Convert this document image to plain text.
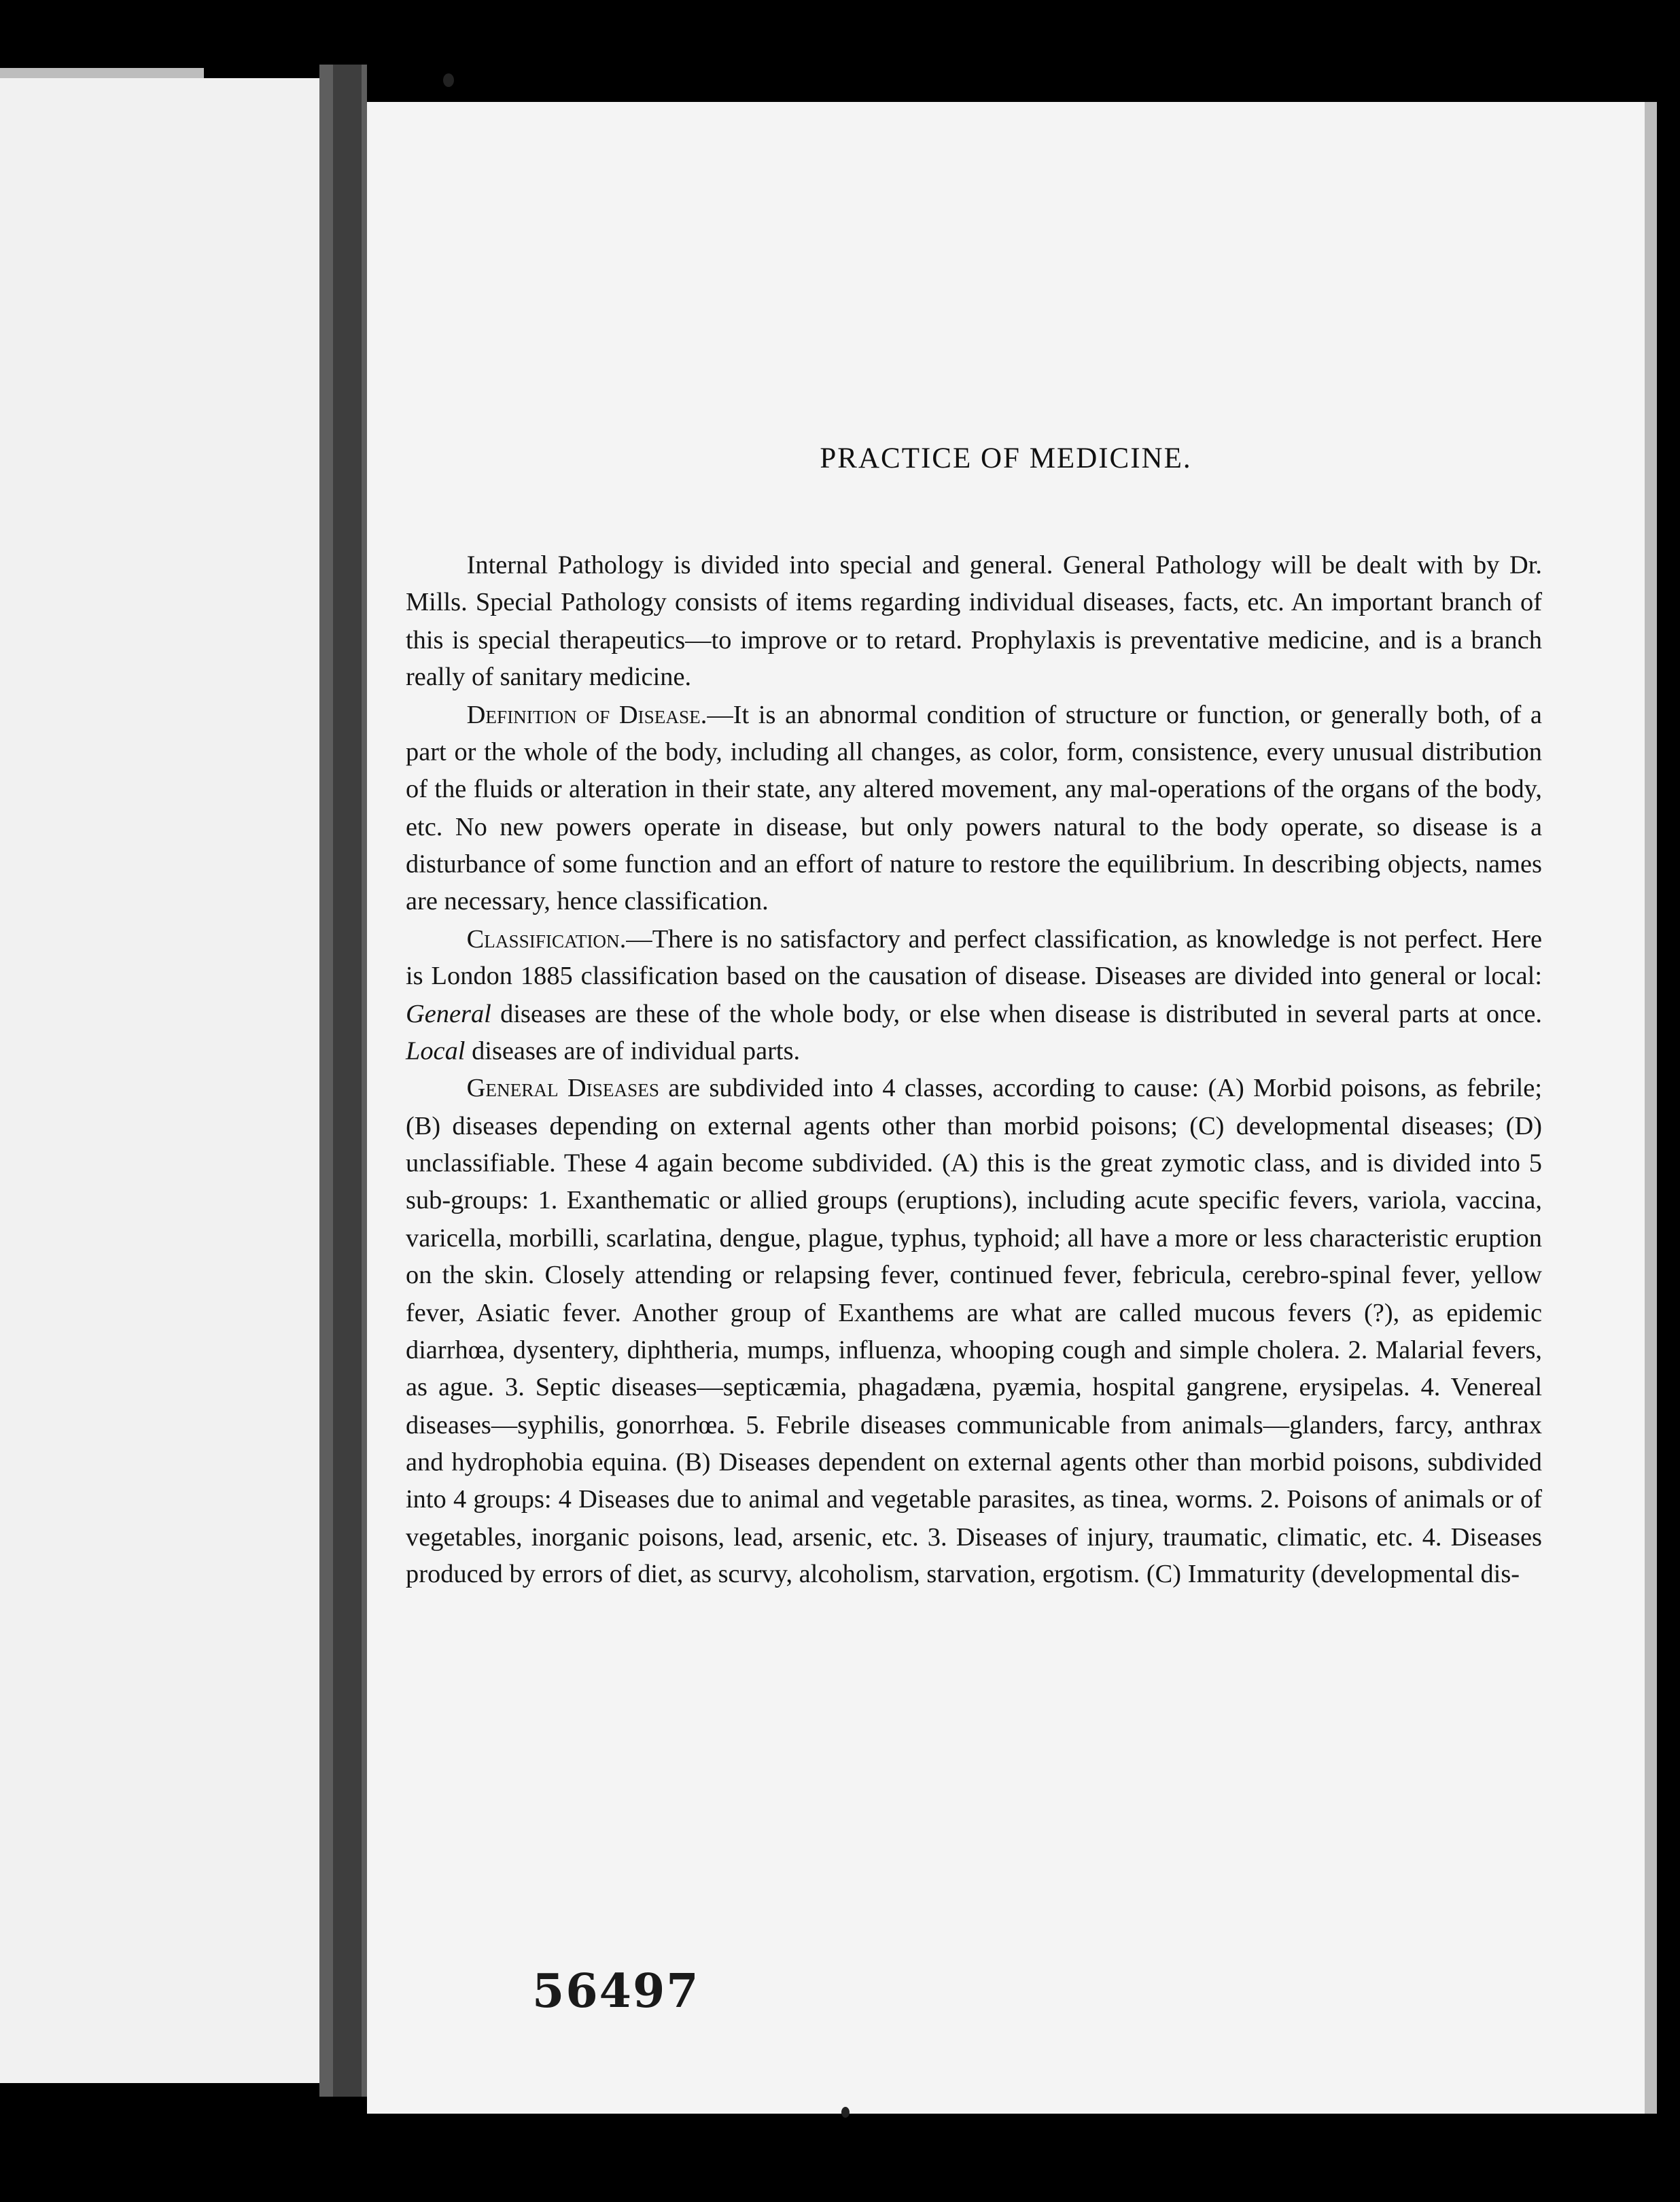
PRACTICE OF MEDICINE.

Internal Pathology is divided into special and general. General Pathology will be dealt with by Dr. Mills. Special Pathology consists of items regarding individual diseases, facts, etc. An important branch of this is special therapeutics—to improve or to retard. Prophylaxis is preventative medicine, and is a branch really of sanitary medicine.

Definition of Disease.—It is an abnormal condition of structure or function, or generally both, of a part or the whole of the body, including all changes, as color, form, consistence, every unusual distribution of the fluids or alteration in their state, any altered movement, any mal-operations of the organs of the body, etc. No new powers operate in disease, but only powers natural to the body operate, so disease is a disturbance of some function and an effort of nature to restore the equilibrium. In describing objects, names are necessary, hence classification.

Classification.—There is no satisfactory and perfect classification, as knowledge is not perfect. Here is London 1885 classification based on the causation of disease. Diseases are divided into general or local: General diseases are these of the whole body, or else when disease is distributed in several parts at once. Local diseases are of individual parts.

General Diseases are subdivided into 4 classes, according to cause: (A) Morbid poisons, as febrile; (B) diseases depending on external agents other than morbid poisons; (C) developmental diseases; (D) unclassifiable. These 4 again become subdivided. (A) this is the great zymotic class, and is divided into 5 sub-groups: 1. Exanthematic or allied groups (eruptions), including acute specific fevers, variola, vaccina, varicella, morbilli, scarlatina, dengue, plague, typhus, typhoid; all have a more or less characteristic eruption on the skin. Closely attending or relapsing fever, continued fever, febricula, cerebro-spinal fever, yellow fever, Asiatic fever. Another group of Exanthems are what are called mucous fevers (?), as epidemic diarrhœa, dysentery, diphtheria, mumps, influenza, whooping cough and simple cholera. 2. Malarial fevers, as ague. 3. Septic diseases—septicæmia, phagadæna, pyæmia, hospital gangrene, erysipelas. 4. Venereal diseases—syphilis, gonorrhœa. 5. Febrile diseases communicable from animals—glanders, farcy, anthrax and hydrophobia equina. (B) Diseases dependent on external agents other than morbid poisons, subdivided into 4 groups: 4 Diseases due to animal and vegetable parasites, as tinea, worms. 2. Poisons of animals or of vegetables, inorganic poisons, lead, arsenic, etc. 3. Diseases of injury, traumatic, climatic, etc. 4. Diseases produced by errors of diet, as scurvy, alcoholism, starvation, ergotism. (C) Immaturity (developmental dis-

56497
